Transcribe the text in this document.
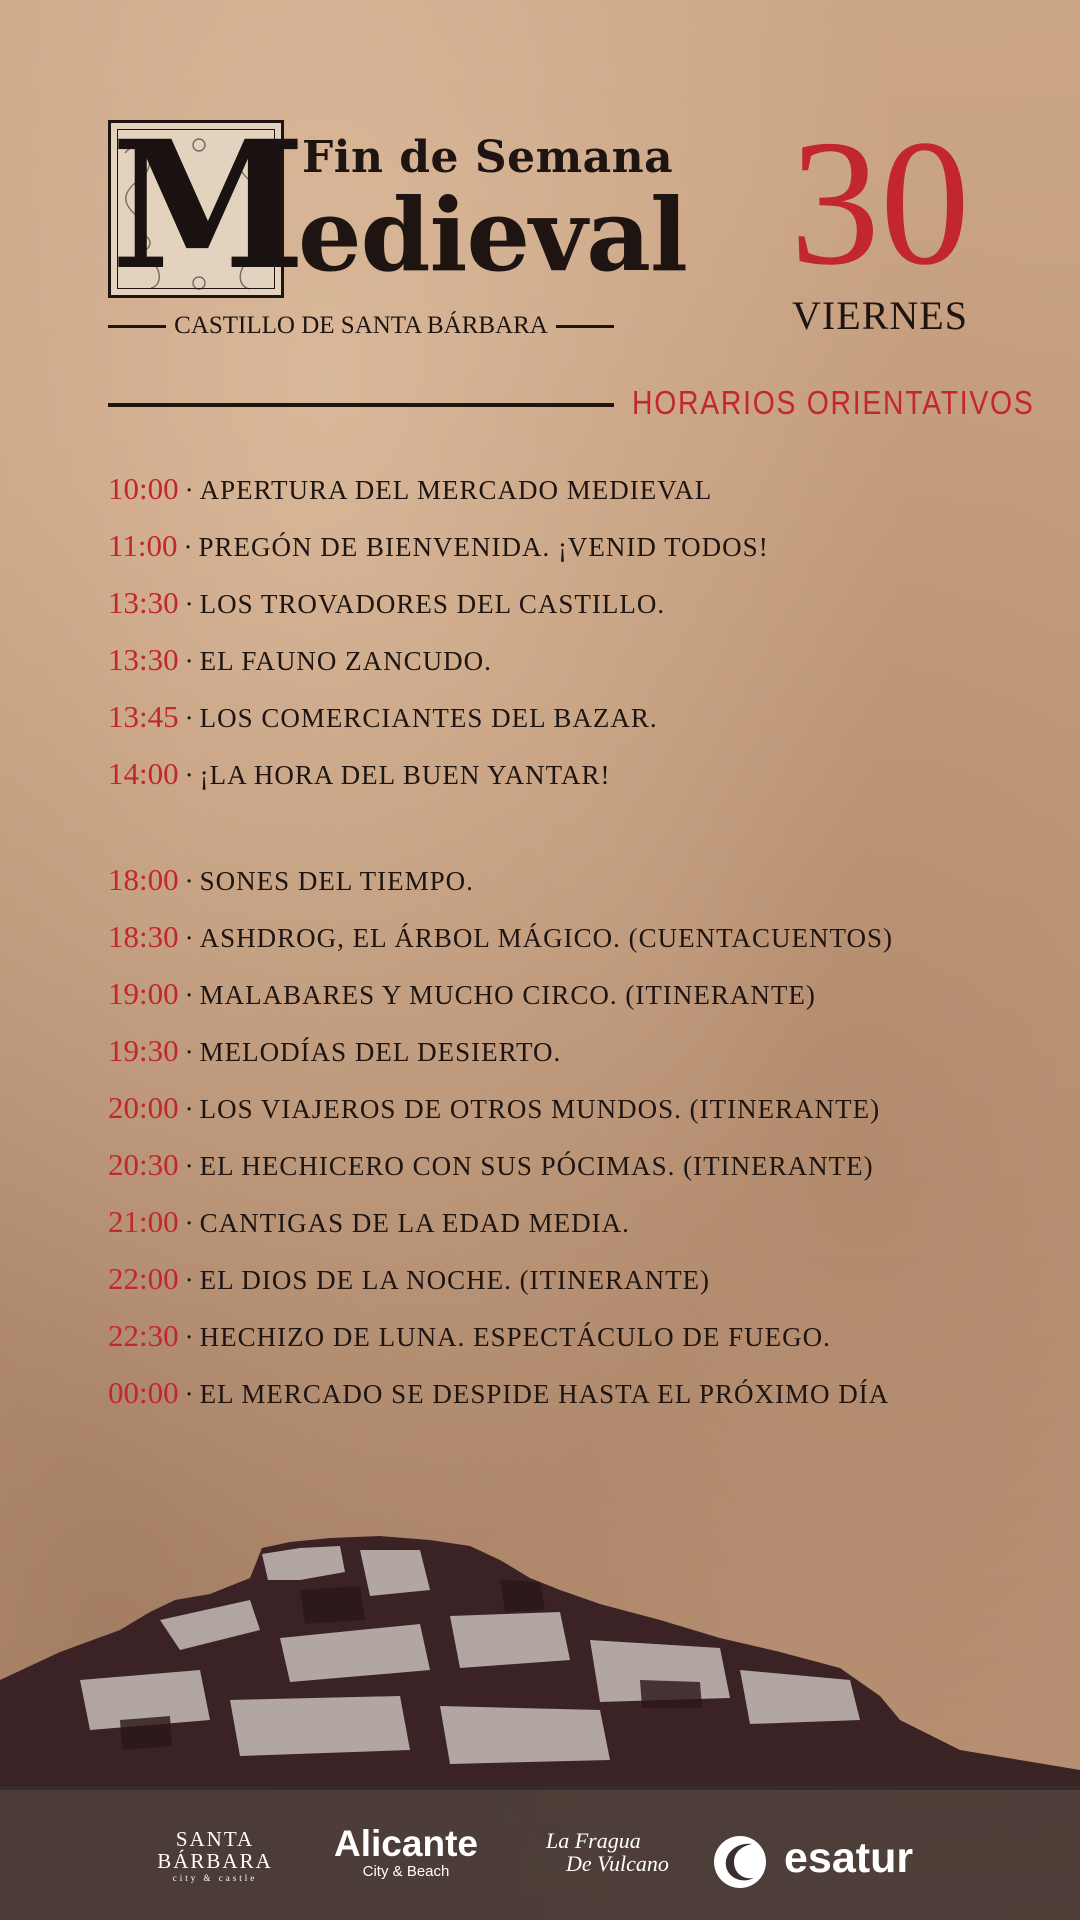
M
Fin de Semana
edieval
CASTILLO DE SANTA BÁRBARA
30
VIERNES
HORARIOS ORIENTATIVOS
10:00 · APERTURA DEL MERCADO MEDIEVAL
11:00 · PREGÓN DE BIENVENIDA. ¡VENID TODOS!
13:30 · LOS TROVADORES DEL CASTILLO.
13:30 · EL FAUNO ZANCUDO.
13:45 · LOS COMERCIANTES DEL BAZAR.
14:00 · ¡LA HORA DEL BUEN YANTAR!
18:00 · SONES DEL TIEMPO.
18:30 · ASHDROG, EL ÁRBOL MÁGICO. (CUENTACUENTOS)
19:00 · MALABARES Y MUCHO CIRCO. (ITINERANTE)
19:30 · MELODÍAS DEL DESIERTO.
20:00 · LOS VIAJEROS DE OTROS MUNDOS. (ITINERANTE)
20:30 · EL HECHICERO CON SUS PÓCIMAS. (ITINERANTE)
21:00 · CANTIGAS DE LA EDAD MEDIA.
22:00 · EL DIOS DE LA NOCHE. (ITINERANTE)
22:30 · HECHIZO DE LUNA. ESPECTÁCULO DE FUEGO.
00:00 · EL MERCADO SE DESPIDE HASTA EL PRÓXIMO DÍA
SANTA
BÁRBARA
city & castle
Alicante
City & Beach
La Fragua
De Vulcano	esatur
